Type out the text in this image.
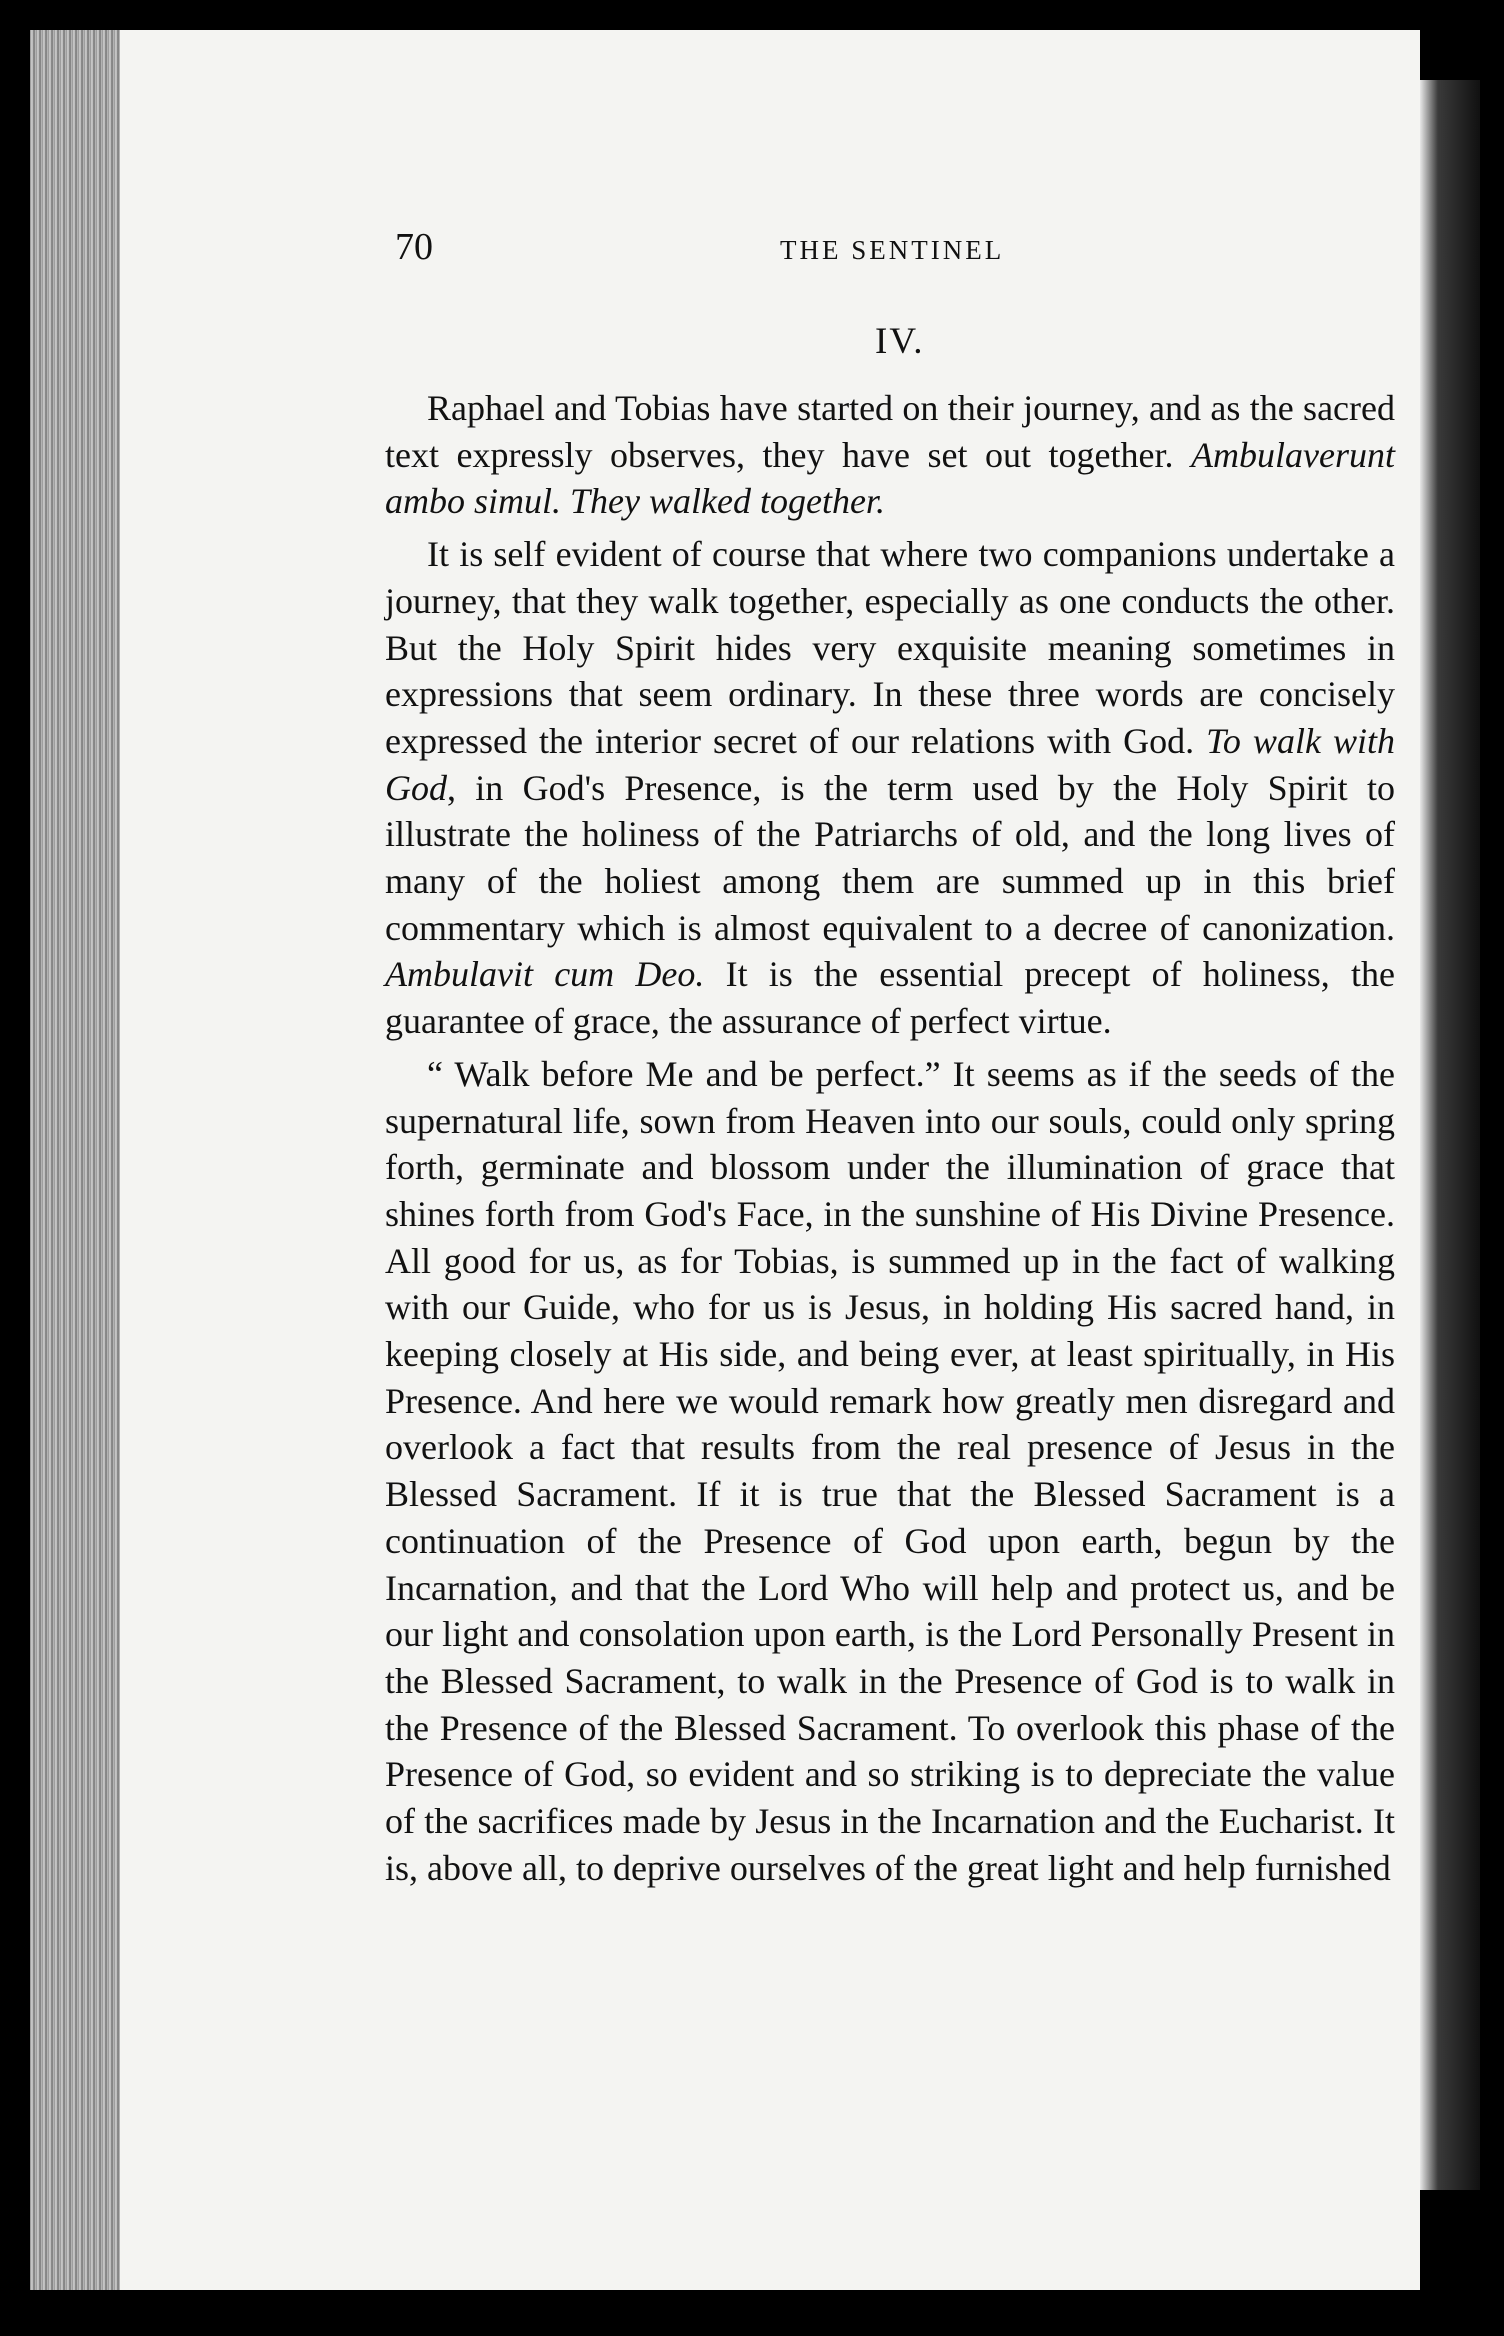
70	THE SENTINEL
IV.

Raphael and Tobias have started on their journey, and as the sacred text expressly observes, they have set out together. Ambulaverunt ambo simul. They walked together.

It is self evident of course that where two companions undertake a journey, that they walk together, especially as one conducts the other. But the Holy Spirit hides very exquisite meaning sometimes in expressions that seem ordinary. In these three words are concisely expressed the interior secret of our relations with God. To walk with God, in God's Presence, is the term used by the Holy Spirit to illustrate the holiness of the Patriarchs of old, and the long lives of many of the holiest among them are summed up in this brief commentary which is almost equivalent to a decree of canonization. Ambulavit cum Deo. It is the essential precept of holiness, the guarantee of grace, the assurance of perfect virtue.

“ Walk before Me and be perfect.” It seems as if the seeds of the supernatural life, sown from Heaven into our souls, could only spring forth, germinate and blossom under the illumination of grace that shines forth from God's Face, in the sunshine of His Divine Presence. All good for us, as for Tobias, is summed up in the fact of walking with our Guide, who for us is Jesus, in holding His sacred hand, in keeping closely at His side, and being ever, at least spiritually, in His Presence. And here we would remark how greatly men disregard and overlook a fact that results from the real presence of Jesus in the Blessed Sacrament. If it is true that the Blessed Sacrament is a continuation of the Presence of God upon earth, begun by the Incarnation, and that the Lord Who will help and protect us, and be our light and consolation upon earth, is the Lord Personally Present in the Blessed Sacrament, to walk in the Presence of God is to walk in the Presence of the Blessed Sacrament. To overlook this phase of the Presence of God, so evident and so striking is to depreciate the value of the sacrifices made by Jesus in the Incarnation and the Eucharist. It is, above all, to deprive ourselves of the great light and help furnished
